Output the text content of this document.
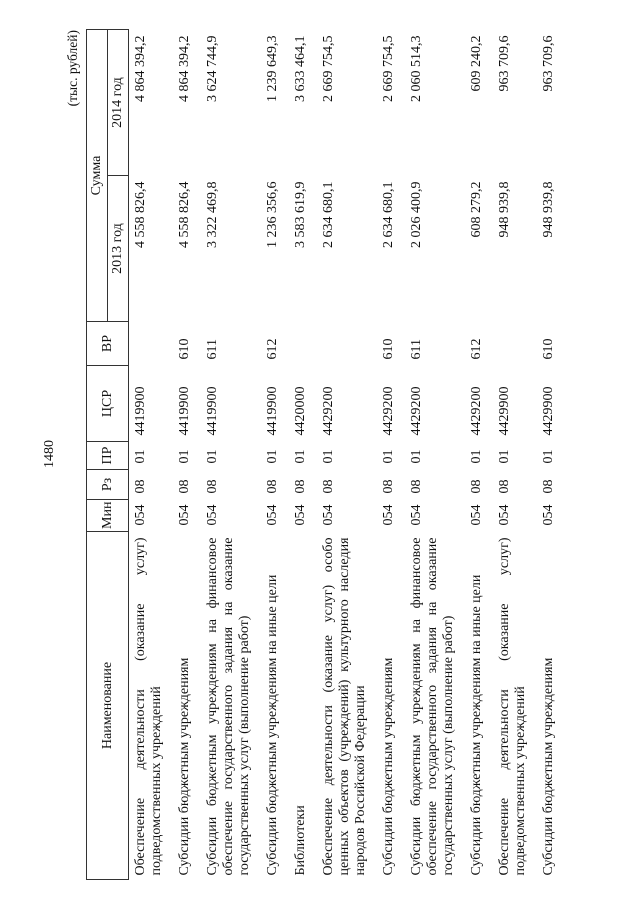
1480
(тыс. рублей)
Наименование	Мин	Рз	ПР	ЦСР	ВР	Сумма	
						2013 год	2014 год
Обеспечение деятельности (оказание услуг) подведомственных учреждений	054	08	01	4419900		4 558 826,4	4 864 394,2
Субсидии бюджетным учреждениям	054	08	01	4419900	610	4 558 826,4	4 864 394,2
Субсидии бюджетным учреждениям на финансовое обеспечение государственного задания на оказание государственных услуг (выполнение работ)	054	08	01	4419900	611	3 322 469,8	3 624 744,9
Субсидии бюджетным учреждениям на иные цели	054	08	01	4419900	612	1 236 356,6	1 239 649,3
Библиотеки	054	08	01	4420000		3 583 619,9	3 633 464,1
Обеспечение деятельности (оказание услуг) особо ценных объектов (учреждений) культурного наследия народов Российской Федерации	054	08	01	4429200		2 634 680,1	2 669 754,5
Субсидии бюджетным учреждениям	054	08	01	4429200	610	2 634 680,1	2 669 754,5
Субсидии бюджетным учреждениям на финансовое обеспечение государственного задания на оказание государственных услуг (выполнение работ)	054	08	01	4429200	611	2 026 400,9	2 060 514,3
Субсидии бюджетным учреждениям на иные цели	054	08	01	4429200	612	608 279,2	609 240,2
Обеспечение деятельности (оказание услуг) подведомственных учреждений	054	08	01	4429900		948 939,8	963 709,6
Субсидии бюджетным учреждениям	054	08	01	4429900	610	948 939,8	963 709,6
